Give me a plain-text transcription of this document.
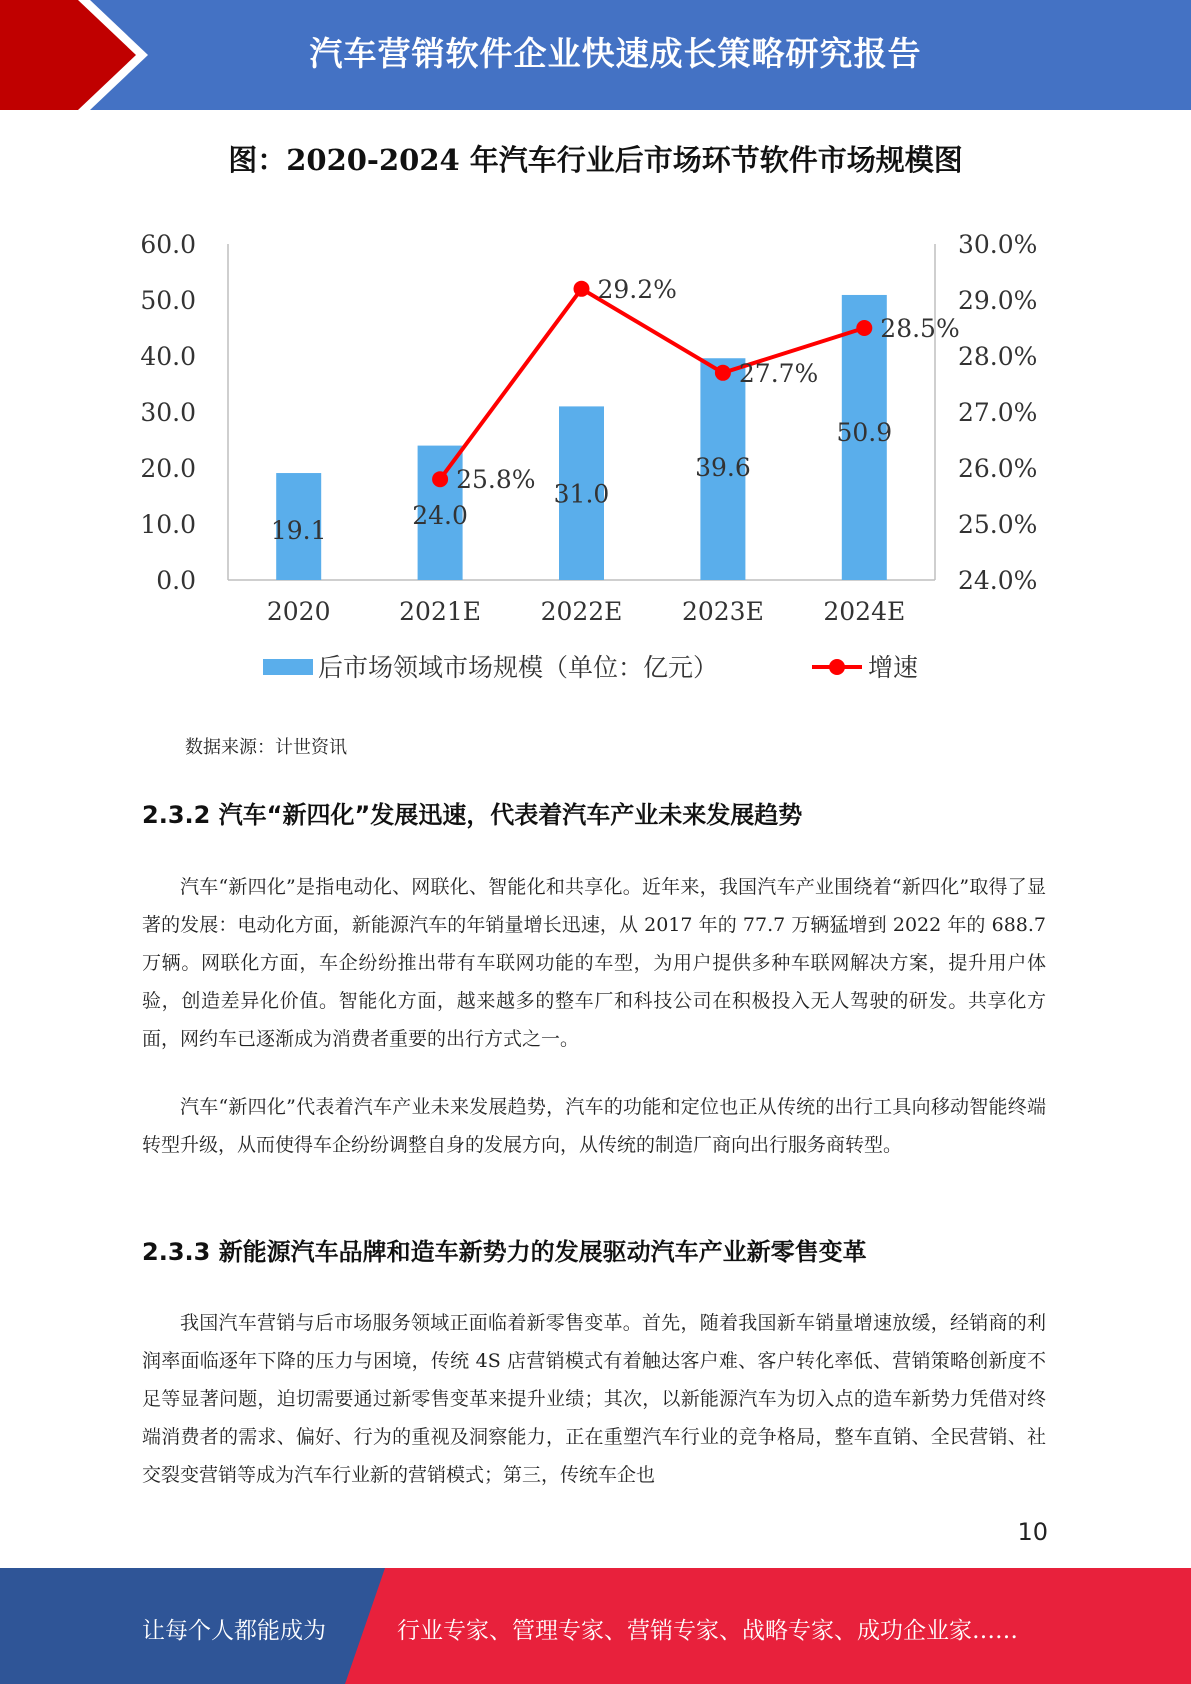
汽车营销软件企业快速成长策略研究报告
图：2020-2024 年汽车行业后市场环节软件市场规模图
0.0
10.0
20.0
30.0
40.0
50.0
60.0
24.0%
25.0%
26.0%
27.0%
28.0%
29.0%
30.0%
19.1
24.0
31.0
39.6
50.9
2020	2021E 2022E 2023E 2024E
25.8%
29.2%
27.7%
28.5%
后市场领域市场规模（单位：亿元）	增速
数据来源：计世资讯
2.3.2 汽车“新四化”发展迅速，代表着汽车产业未来发展趋势

汽车“新四化”是指电动化、网联化、智能化和共享化。近年来，我国汽车产业围绕着“新四化”取得了显著的发展：电动化方面，新能源汽车的年销量增长迅速，从 2017 年的 77.7 万辆猛增到 2022 年的 688.7 万辆。网联化方面，车企纷纷推出带有车联网功能的车型，为用户提供多种车联网解决方案，提升用户体验，创造差异化价值。智能化方面，越来越多的整车厂和科技公司在积极投入无人驾驶的研发。共享化方面，网约车已逐渐成为消费者重要的出行方式之一。

汽车“新四化”代表着汽车产业未来发展趋势，汽车的功能和定位也正从传统的出行工具向移动智能终端转型升级，从而使得车企纷纷调整自身的发展方向，从传统的制造厂商向出行服务商转型。

2.3.3 新能源汽车品牌和造车新势力的发展驱动汽车产业新零售变革

我国汽车营销与后市场服务领域正面临着新零售变革。首先，随着我国新车销量增速放缓，经销商的利润率面临逐年下降的压力与困境，传统 4S 店营销模式有着触达客户难、客户转化率低、营销策略创新度不足等显著问题，迫切需要通过新零售变革来提升业绩；其次，以新能源汽车为切入点的造车新势力凭借对终端消费者的需求、偏好、行为的重视及洞察能力，正在重塑汽车行业的竞争格局，整车直销、全民营销、社交裂变营销等成为汽车行业新的营销模式；第三，传统车企也

10
让每个人都能成为	行业专家、管理专家、营销专家、战略专家、成功企业家……
